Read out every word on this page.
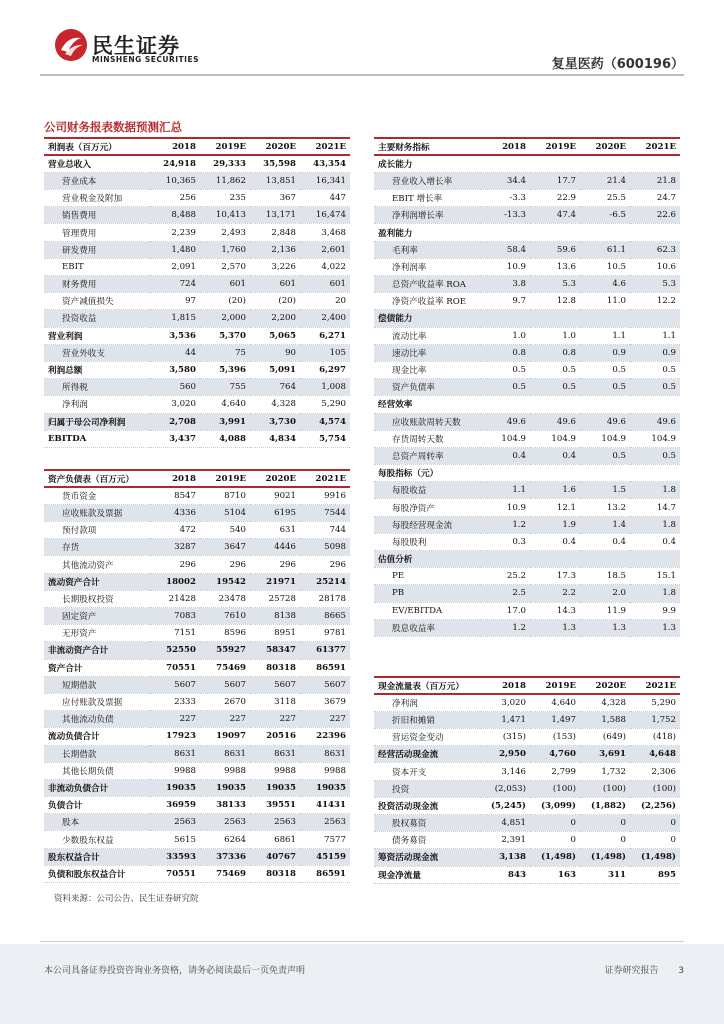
民生证券
MINSHENG SECURITIES	复星医药（600196）
公司财务报表数据预测汇总
利润表（百万元）	2018	2019E	2020E	2021E
营业总收入	24,918	29,333	35,598	43,354
营业成本	10,365	11,862	13,851	16,341
营业税金及附加	256	235	367	447
销售费用	8,488	10,413	13,171	16,474
管理费用	2,239	2,493	2,848	3,468
研发费用	1,480	1,760	2,136	2,601
EBIT	2,091	2,570	3,226	4,022
财务费用	724	601	601	601
资产减值损失	97	(20)	(20)	20
投资收益	1,815	2,000	2,200	2,400
营业利润	3,536	5,370	5,065	6,271
营业外收支	44	75	90	105
利润总额	3,580	5,396	5,091	6,297
所得税	560	755	764	1,008
净利润	3,020	4,640	4,328	5,290
归属于母公司净利润	2,708	3,991	3,730	4,574
EBITDA	3,437	4,088	4,834	5,754
资产负债表（百万元）	2018	2019E	2020E	2021E
货币资金	8547	8710	9021	9916
应收账款及票据	4336	5104	6195	7544
预付款项	472	540	631	744
存货	3287	3647	4446	5098
其他流动资产	296	296	296	296
流动资产合计	18002	19542	21971	25214
长期股权投资	21428	23478	25728	28178
固定资产	7083	7610	8138	8665
无形资产	7151	8596	8951	9781
非流动资产合计	52550	55927	58347	61377
资产合计	70551	75469	80318	86591
短期借款	5607	5607	5607	5607
应付账款及票据	2333	2670	3118	3679
其他流动负债	227	227	227	227
流动负债合计	17923	19097	20516	22396
长期借款	8631	8631	8631	8631
其他长期负债	9988	9988	9988	9988
非流动负债合计	19035	19035	19035	19035
负债合计	36959	38133	39551	41431
股本	2563	2563	2563	2563
少数股东权益	5615	6264	6861	7577
股东权益合计	33593	37336	40767	45159
负债和股东权益合计	70551	75469	80318	86591
主要财务指标	2018	2019E	2020E	2021E
成长能力				
营业收入增长率	34.4	17.7	21.4	21.8
EBIT 增长率	-3.3	22.9	25.5	24.7
净利润增长率	-13.3	47.4	-6.5	22.6
盈利能力				
毛利率	58.4	59.6	61.1	62.3
净利润率	10.9	13.6	10.5	10.6
总资产收益率 ROA	3.8	5.3	4.6	5.3
净资产收益率 ROE	9.7	12.8	11.0	12.2
偿债能力				
流动比率	1.0	1.0	1.1	1.1
速动比率	0.8	0.8	0.9	0.9
现金比率	0.5	0.5	0.5	0.5
资产负债率	0.5	0.5	0.5	0.5
经营效率				
应收账款周转天数	49.6	49.6	49.6	49.6
存货周转天数	104.9	104.9	104.9	104.9
总资产周转率	0.4	0.4	0.5	0.5
每股指标（元）				
每股收益	1.1	1.6	1.5	1.8
每股净资产	10.9	12.1	13.2	14.7
每股经营现金流	1.2	1.9	1.4	1.8
每股股利	0.3	0.4	0.4	0.4
估值分析				
PE	25.2	17.3	18.5	15.1
PB	2.5	2.2	2.0	1.8
EV/EBITDA	17.0	14.3	11.9	9.9
股息收益率	1.2	1.3	1.3	1.3
现金流量表（百万元）	2018	2019E	2020E	2021E
净利润	3,020	4,640	4,328	5,290
折旧和摊销	1,471	1,497	1,588	1,752
营运资金变动	(315)	(153)	(649)	(418)
经营活动现金流	2,950	4,760	3,691	4,648
资本开支	3,146	2,799	1,732	2,306
投资	(2,053)	(100)	(100)	(100)
投资活动现金流	(5,245)	(3,099)	(1,882)	(2,256)
股权募资	4,851	0	0	0
债务募资	2,391	0	0	0
筹资活动现金流	3,138	(1,498)	(1,498)	(1,498)
现金净流量	843	163	311	895
资料来源：公司公告、民生证券研究院
本公司具备证券投资咨询业务资格，请务必阅读最后一页免责声明	证券研究报告 3
